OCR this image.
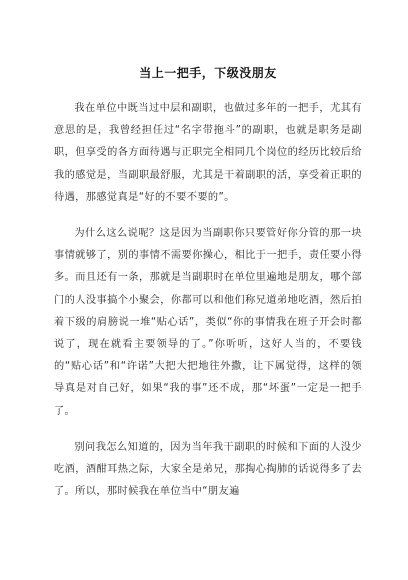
当上一把手，下级没朋友

我在单位中既当过中层和副职，也做过多年的一把手，尤其有意思的是，我曾经担任过“名字带拖斗”的副职，也就是职务是副职，但享受的各方面待遇与正职完全相同几个岗位的经历比较后给我的感觉是，当副职最舒服，尤其是干着副职的活，享受着正职的待遇，那感觉真是“好的不要不要的”。

为什么这么说呢？这是因为当副职你只要管好你分管的那一块事情就够了，别的事情不需要你操心，相比于一把手，责任要小得多。而且还有一条，那就是当副职时在单位里遍地是朋友，哪个部门的人没事搞个小聚会，你都可以和他们称兄道弟地吃酒，然后拍着下级的肩膀说一堆“贴心话”，类似“你的事情我在班子开会时都说了，现在就看主要领导的了。”你听听，这好人当的，不要钱的“贴心话”和“许诺”大把大把地往外撒，让下属觉得，这样的领导真是对自己好，如果“我的事”还不成，那“坏蛋”一定是一把手了。

别问我怎么知道的，因为当年我干副职的时候和下面的人没少吃酒，酒酣耳热之际，大家全是弟兄，那掏心掏肺的话说得多了去了。所以，那时候我在单位当中“朋友遍
